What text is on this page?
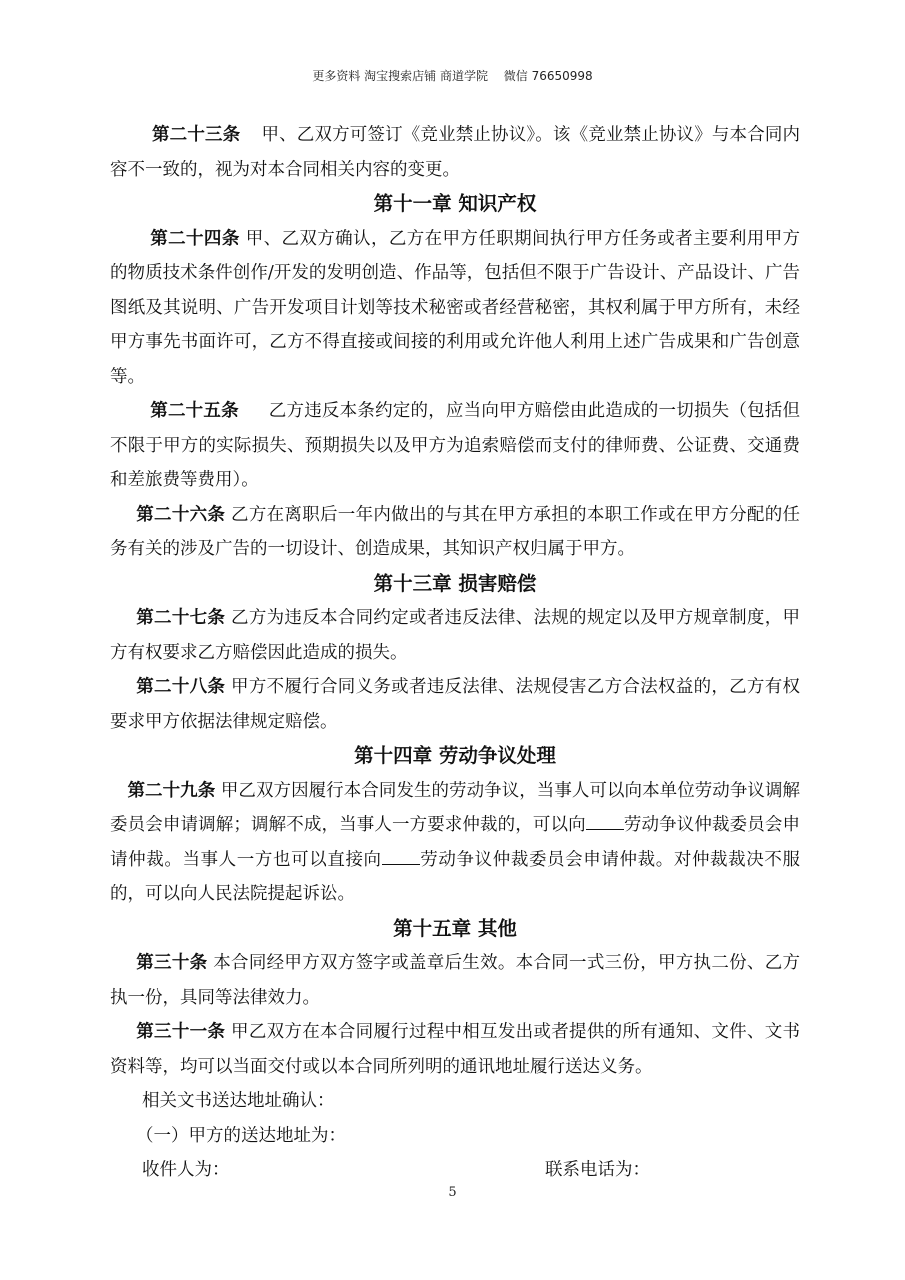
更多资料 淘宝搜索店铺 商道学院　 微信 76650998

第二十三条 甲、乙双方可签订《竞业禁止协议》。该《竞业禁止协议》与本合同内容不一致的，视为对本合同相关内容的变更。

第十一章 知识产权

第二十四条 甲、乙双方确认，乙方在甲方任职期间执行甲方任务或者主要利用甲方的物质技术条件创作/开发的发明创造、作品等，包括但不限于广告设计、产品设计、广告图纸及其说明、广告开发项目计划等技术秘密或者经营秘密，其权利属于甲方所有，未经甲方事先书面许可，乙方不得直接或间接的利用或允许他人利用上述广告成果和广告创意等。

第二十五条 乙方违反本条约定的，应当向甲方赔偿由此造成的一切损失（包括但不限于甲方的实际损失、预期损失以及甲方为追索赔偿而支付的律师费、公证费、交通费和差旅费等费用）。

第二十六条 乙方在离职后一年内做出的与其在甲方承担的本职工作或在甲方分配的任务有关的涉及广告的一切设计、创造成果，其知识产权归属于甲方。

第十三章 损害赔偿

第二十七条 乙方为违反本合同约定或者违反法律、法规的规定以及甲方规章制度，甲方有权要求乙方赔偿因此造成的损失。

第二十八条 甲方不履行合同义务或者违反法律、法规侵害乙方合法权益的，乙方有权要求甲方依据法律规定赔偿。

第十四章 劳动争议处理

第二十九条 甲乙双方因履行本合同发生的劳动争议，当事人可以向本单位劳动争议调解委员会申请调解；调解不成，当事人一方要求仲裁的，可以向 劳动争议仲裁委员会申请仲裁。当事人一方也可以直接向 劳动争议仲裁委员会申请仲裁。对仲裁裁决不服的，可以向人民法院提起诉讼。

第十五章 其他

第三十条 本合同经甲方双方签字或盖章后生效。本合同一式三份，甲方执二份、乙方执一份，具同等法律效力。

第三十一条 甲乙双方在本合同履行过程中相互发出或者提供的所有通知、文件、文书资料等，均可以当面交付或以本合同所列明的通讯地址履行送达义务。

相关文书送达地址确认：

（一）甲方的送达地址为：

收件人为：	联系电话为：

5
